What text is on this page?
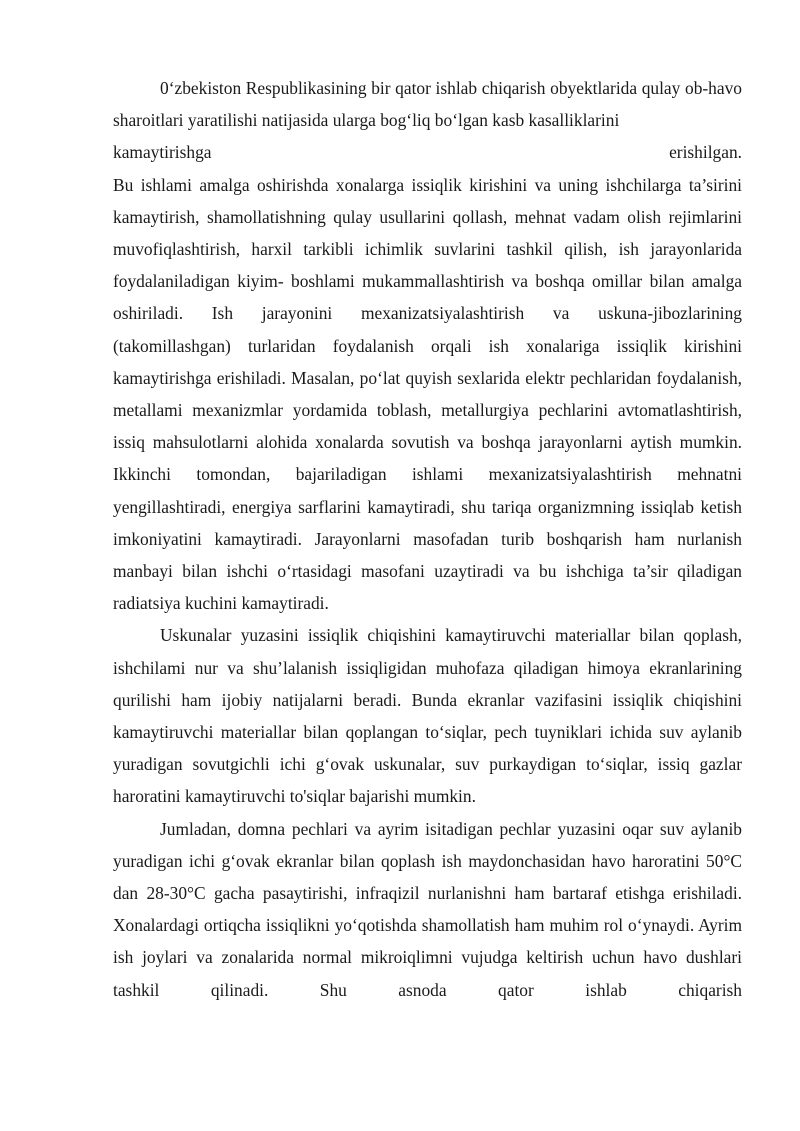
0‘zbekiston Respublikasining bir qator ishlab chiqarish obyektlarida qulay ob-havo sharoitlari yaratilishi natijasida ularga bog‘liq bo‘lgan kasb kasalliklarini
kamaytirishga	erishilgan.

Bu ishlami amalga oshirishda xonalarga issiqlik kirishini va uning ishchilarga ta’sirini kamaytirish, shamollatishning qulay usullarini qollash, mehnat vadam olish rejimlarini muvofiqlashtirish, harxil tarkibli ichimlik suvlarini tashkil qilish, ish jarayonlarida foydalaniladigan kiyim- boshlami mukammallashtirish va boshqa omillar bilan amalga oshiriladi. Ish jarayonini mexanizatsiyalashtirish va uskuna-jibozlarining (takomillashgan) turlaridan foydalanish orqali ish xonalariga issiqlik kirishini kamaytirishga erishiladi. Masalan, po‘lat quyish sexlarida elektr pechlaridan foydalanish, metallami mexanizmlar yordamida toblash, metallurgiya pechlarini avtomatlashtirish, issiq mahsulotlarni alohida xonalarda sovutish va boshqa jarayonlarni aytish mumkin. Ikkinchi tomondan, bajariladigan ishlami mexanizatsiyalashtirish mehnatni yengillashtiradi, energiya sarflarini kamaytiradi, shu tariqa organizmning issiqlab ketish imkoniyatini kamaytiradi. Jarayonlarni masofadan turib boshqarish ham nurlanish manbayi bilan ishchi o‘rtasidagi masofani uzaytiradi va bu ishchiga ta’sir qiladigan radiatsiya kuchini kamaytiradi.

Uskunalar yuzasini issiqlik chiqishini kamaytiruvchi materiallar bilan qoplash, ishchilami nur va shu’lalanish issiqligidan muhofaza qiladigan himoya ekranlarining qurilishi ham ijobiy natijalarni beradi. Bunda ekranlar vazifasini issiqlik chiqishini kamaytiruvchi materiallar bilan qoplangan to‘siqlar, pech tuyniklari ichida suv aylanib yuradigan sovutgichli ichi g‘ovak uskunalar, suv purkaydigan to‘siqlar, issiq gazlar haroratini kamaytiruvchi to'siqlar bajarishi mumkin.

Jumladan, domna pechlari va ayrim isitadigan pechlar yuzasini oqar suv aylanib yuradigan ichi g‘ovak ekranlar bilan qoplash ish maydonchasidan havo haroratini 50°C dan 28-30°C gacha pasaytirishi, infraqizil nurlanishni ham bartaraf etishga erishiladi. Xonalardagi ortiqcha issiqlikni yo‘qotishda shamollatish ham muhim rol o‘ynaydi. Ayrim ish joylari va zonalarida normal mikroiqlimni vujudga keltirish uchun havo dushlari tashkil qilinadi. Shu asnoda qator ishlab chiqarish
